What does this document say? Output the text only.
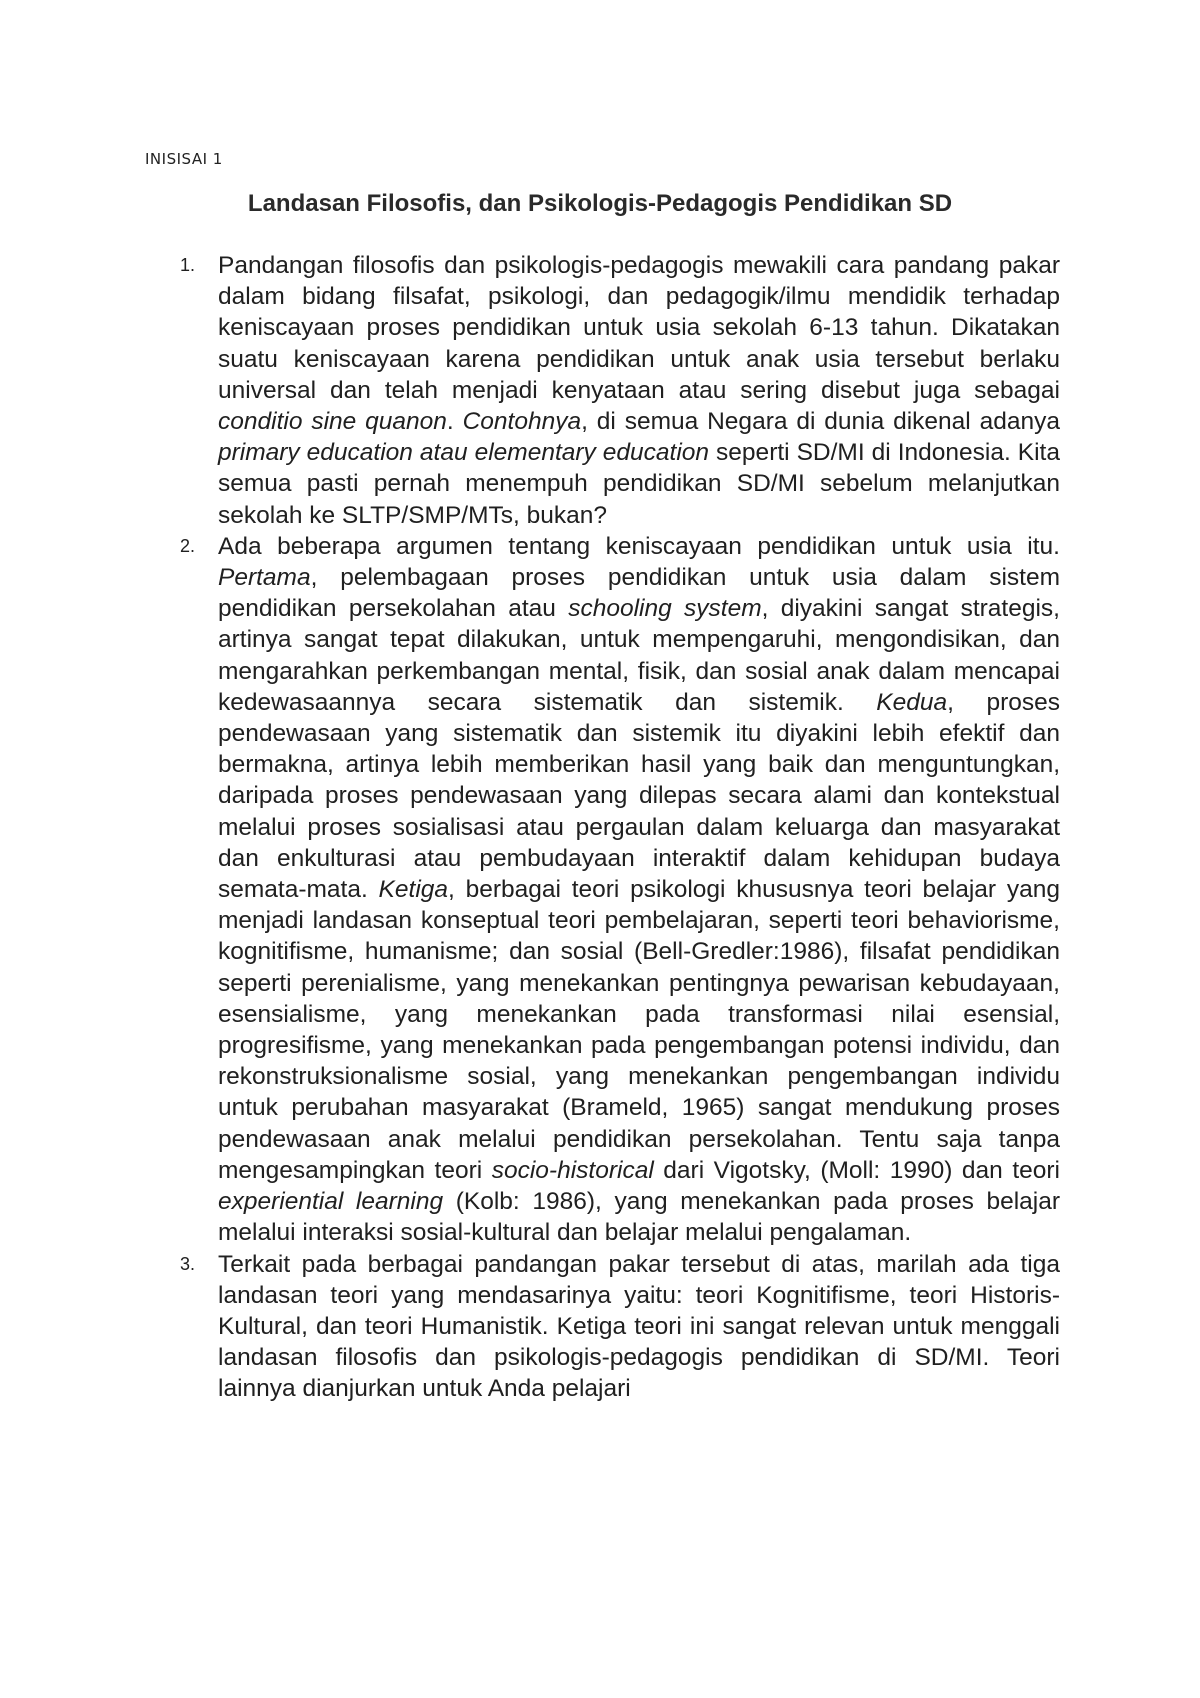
INISISAI 1
Landasan Filosofis, dan Psikologis-Pedagogis Pendidikan SD
1. Pandangan filosofis dan psikologis-pedagogis mewakili cara pandang pakar dalam bidang filsafat, psikologi, dan pedagogik/ilmu mendidik terhadap keniscayaan proses pendidikan untuk usia sekolah 6-13 tahun. Dikatakan suatu keniscayaan karena pendidikan untuk anak usia tersebut berlaku universal dan telah menjadi kenyataan atau sering disebut juga sebagai conditio sine quanon. Contohnya, di semua Negara di dunia dikenal adanya primary education atau elementary education seperti SD/MI di Indonesia. Kita semua pasti pernah menempuh pendidikan SD/MI sebelum melanjutkan sekolah ke SLTP/SMP/MTs, bukan?
2. Ada beberapa argumen tentang keniscayaan pendidikan untuk usia itu. Pertama, pelembagaan proses pendidikan untuk usia dalam sistem pendidikan persekolahan atau schooling system, diyakini sangat strategis, artinya sangat tepat dilakukan, untuk mempengaruhi, mengondisikan, dan mengarahkan perkembangan mental, fisik, dan sosial anak dalam mencapai kedewasaannya secara sistematik dan sistemik. Kedua, proses pendewasaan yang sistematik dan sistemik itu diyakini lebih efektif dan bermakna, artinya lebih memberikan hasil yang baik dan menguntungkan, daripada proses pendewasaan yang dilepas secara alami dan kontekstual melalui proses sosialisasi atau pergaulan dalam keluarga dan masyarakat dan enkulturasi atau pembudayaan interaktif dalam kehidupan budaya semata-mata. Ketiga, berbagai teori psikologi khususnya teori belajar yang menjadi landasan konseptual teori pembelajaran, seperti teori behaviorisme, kognitifisme, humanisme; dan sosial (Bell-Gredler:1986), filsafat pendidikan seperti perenialisme, yang menekankan pentingnya pewarisan kebudayaan, esensialisme, yang menekankan pada transformasi nilai esensial, progresifisme, yang menekankan pada pengembangan potensi individu, dan rekonstruksionalisme sosial, yang menekankan pengembangan individu untuk perubahan masyarakat (Brameld, 1965) sangat mendukung proses pendewasaan anak melalui pendidikan persekolahan. Tentu saja tanpa mengesampingkan teori socio-historical dari Vigotsky, (Moll: 1990) dan teori experiential learning (Kolb: 1986), yang menekankan pada proses belajar melalui interaksi sosial-kultural dan belajar melalui pengalaman.
3. Terkait pada berbagai pandangan pakar tersebut di atas, marilah ada tiga landasan teori yang mendasarinya yaitu: teori Kognitifisme, teori Historis-Kultural, dan teori Humanistik. Ketiga teori ini sangat relevan untuk menggali landasan filosofis dan psikologis-pedagogis pendidikan di SD/MI. Teori lainnya dianjurkan untuk Anda pelajari
